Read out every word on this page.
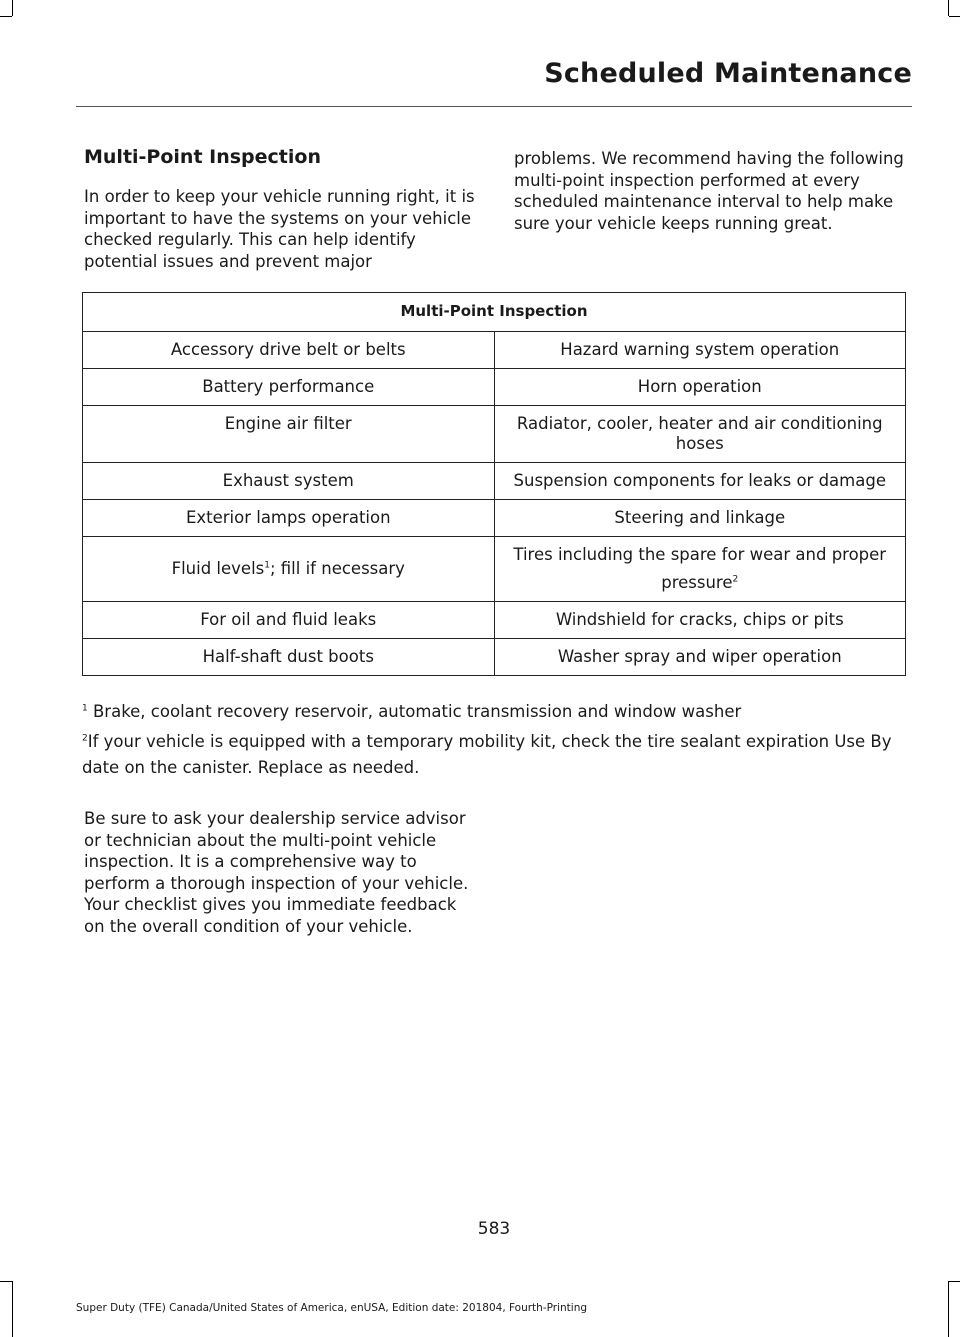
Scheduled Maintenance
Multi-Point Inspection

In order to keep your vehicle running right, it is important to have the systems on your vehicle checked regularly. This can help identify potential issues and prevent major

problems. We recommend having the following multi-point inspection performed at every scheduled maintenance interval to help make sure your vehicle keeps running great.

Multi-Point Inspection	
Accessory drive belt or belts	Hazard warning system operation
Battery performance	Horn operation
Engine air filter	Radiator, cooler, heater and air conditioning hoses
Exhaust system	Suspension components for leaks or damage
Exterior lamps operation	Steering and linkage
Fluid levels$^1$; fill if necessary	Tires including the spare for wear and proper pressure$^2$
For oil and fluid leaks	Windshield for cracks, chips or pits
Half-shaft dust boots	Washer spray and wiper operation

$^1$ Brake, coolant recovery reservoir, automatic transmission and window washer

$^2$If your vehicle is equipped with a temporary mobility kit, check the tire sealant expiration Use By date on the canister. Replace as needed.

Be sure to ask your dealership service advisor or technician about the multi-point vehicle inspection. It is a comprehensive way to perform a thorough inspection of your vehicle. Your checklist gives you immediate feedback on the overall condition of your vehicle.

583
Super Duty (TFE) Canada/United States of America, enUSA, Edition date: 201804, Fourth-Printing
